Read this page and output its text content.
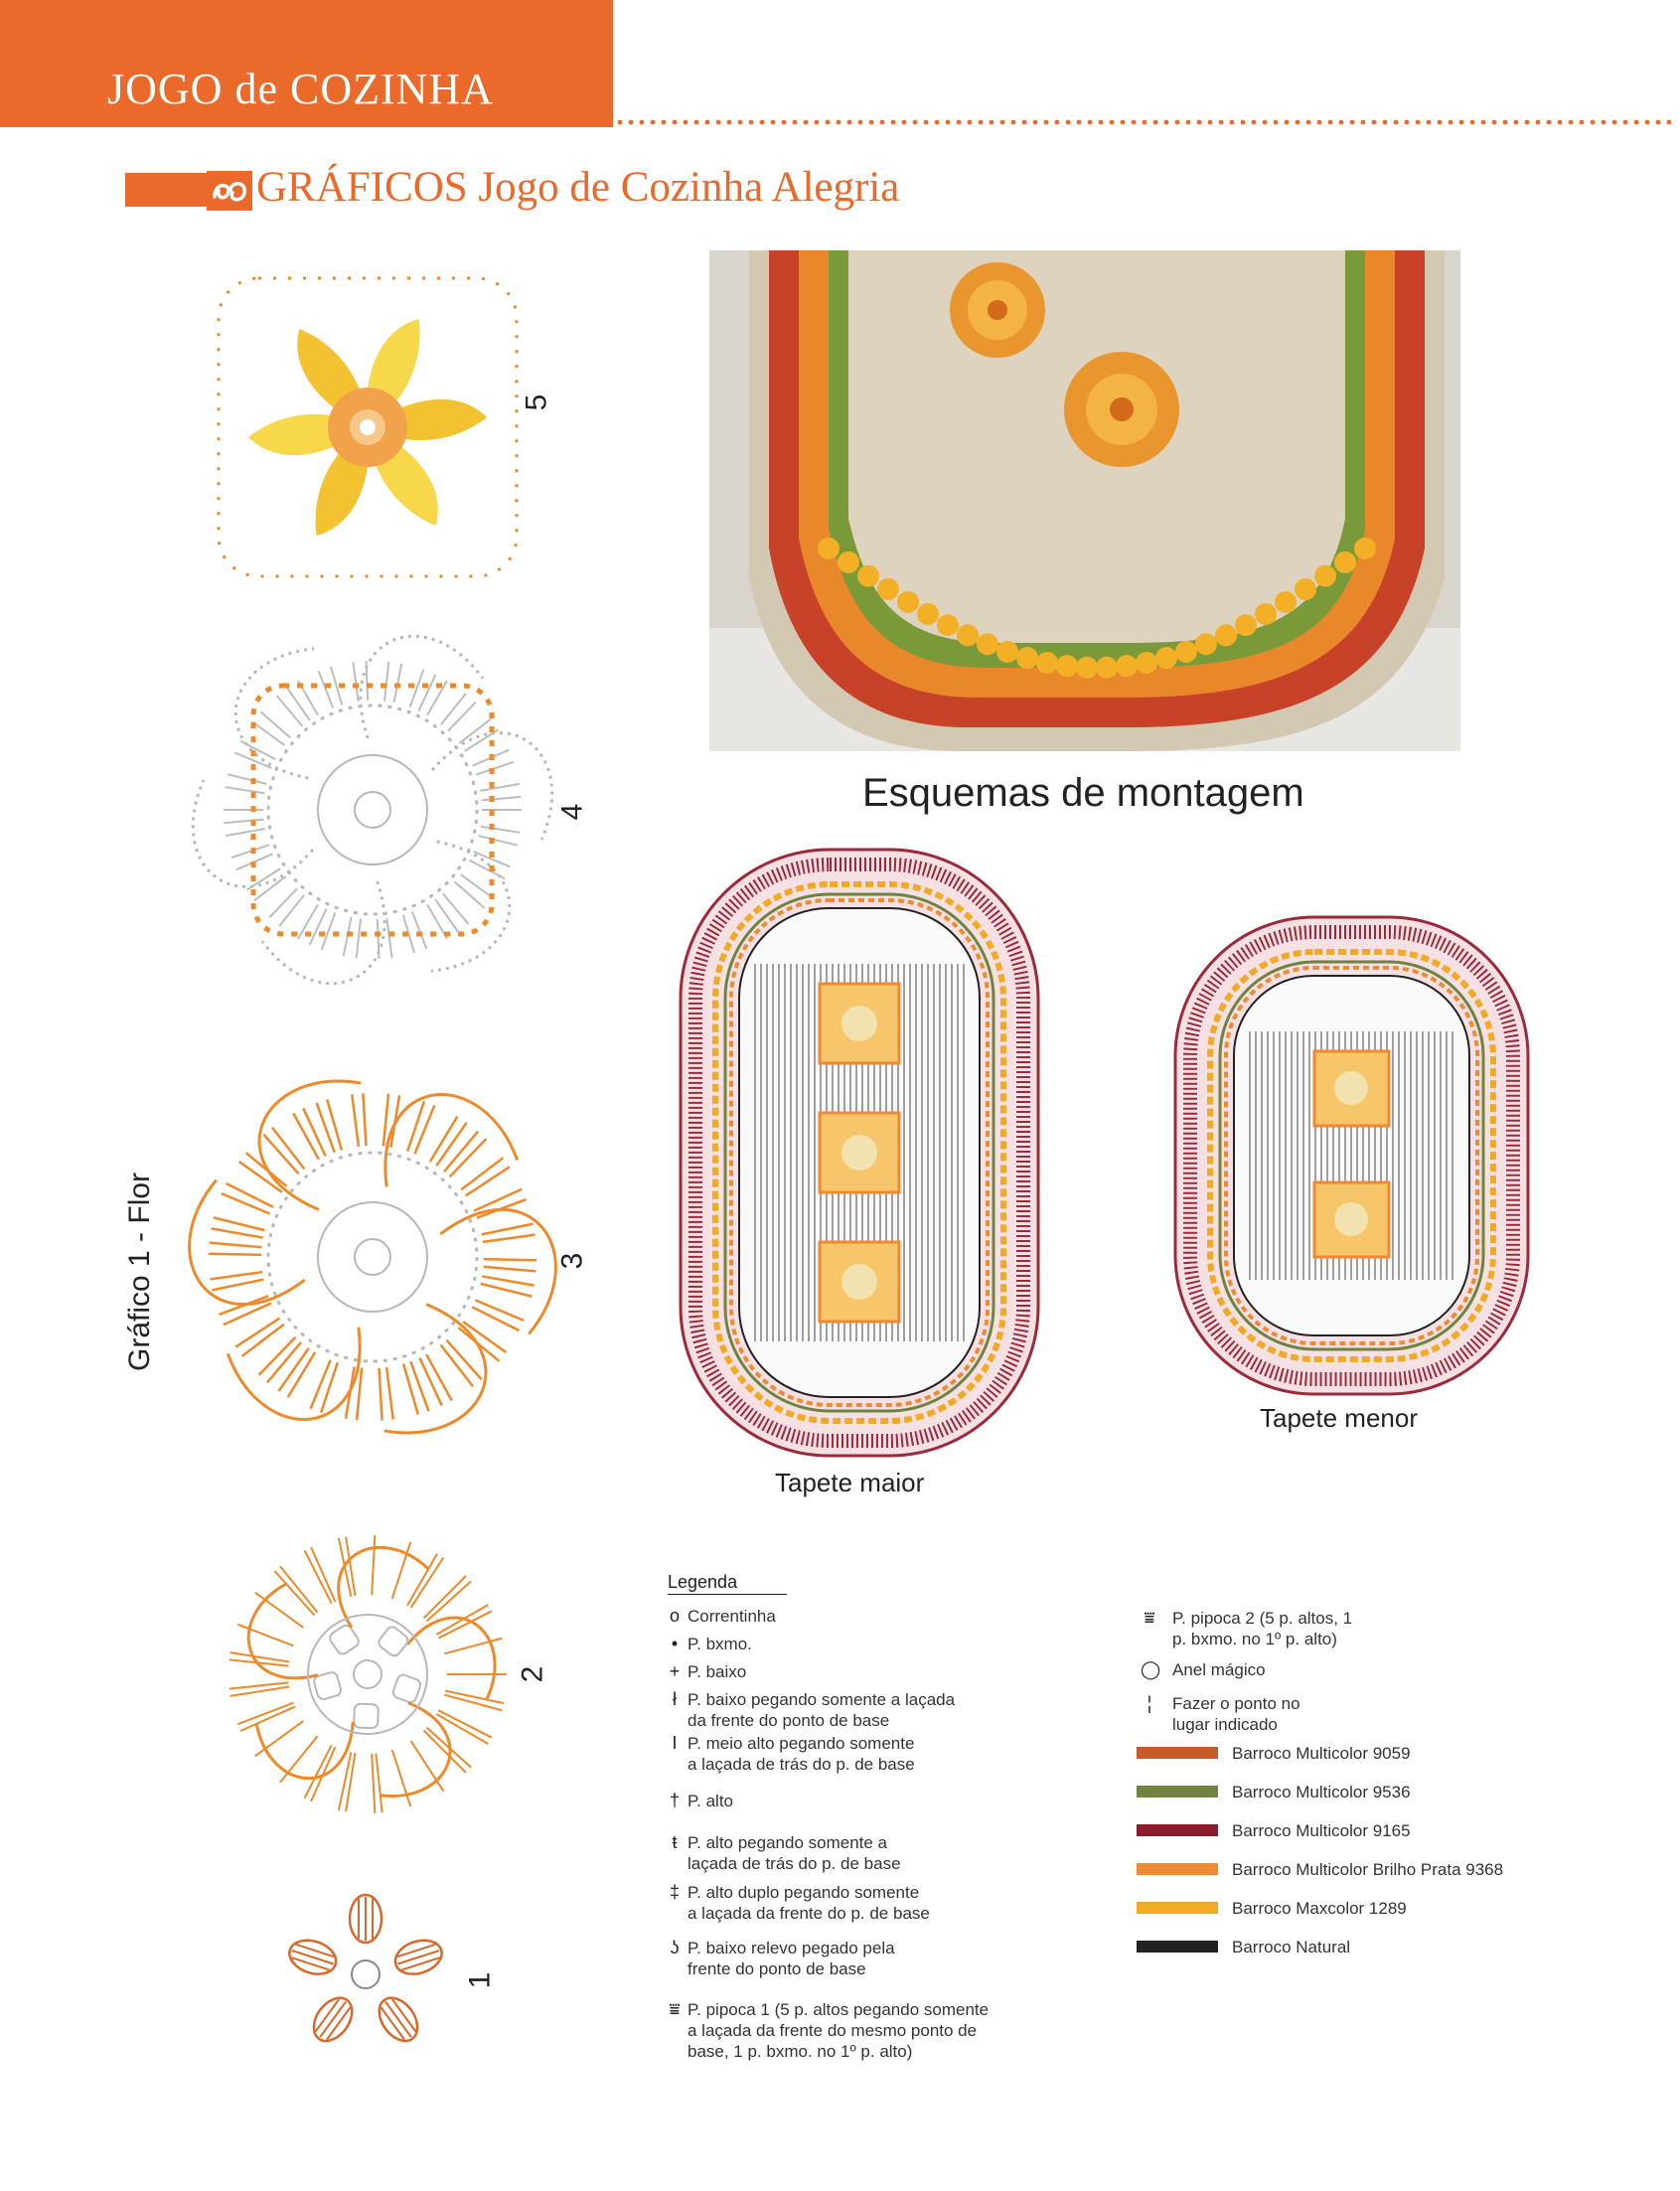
JOGO de COZINHA
GRÁFICOS Jogo de Cozinha Alegria
Gráfico 1 - Flor
5
4
3
2
1
Esquemas de montagem
Tapete maior
Tapete menor
Legenda
o Correntinha
• P. bxmo.
+ P. baixo
ł P. baixo pegando somente a laçada
da frente do ponto de base
I P. meio alto pegando somente
a laçada de trás do p. de base
† P. alto
ŧ P. alto pegando somente a
laçada de trás do p. de base
‡ P. alto duplo pegando somente
a laçada da frente do p. de base
ʖ P. baixo relevo pegado pela
frente do ponto de base
⩸ P. pipoca 1 (5 p. altos pegando somente
a laçada da frente do mesmo ponto de
base, 1 p. bxmo. no 1º p. alto)
⩸ P. pipoca 2 (5 p. altos, 1
p. bxmo. no 1º p. alto)
◯ Anel mágico
¦	Fazer o ponto no
lugar indicado
Barroco Multicolor 9059
Barroco Multicolor 9536
Barroco Multicolor 9165
Barroco Multicolor Brilho Prata 9368
Barroco Maxcolor 1289
Barroco Natural
